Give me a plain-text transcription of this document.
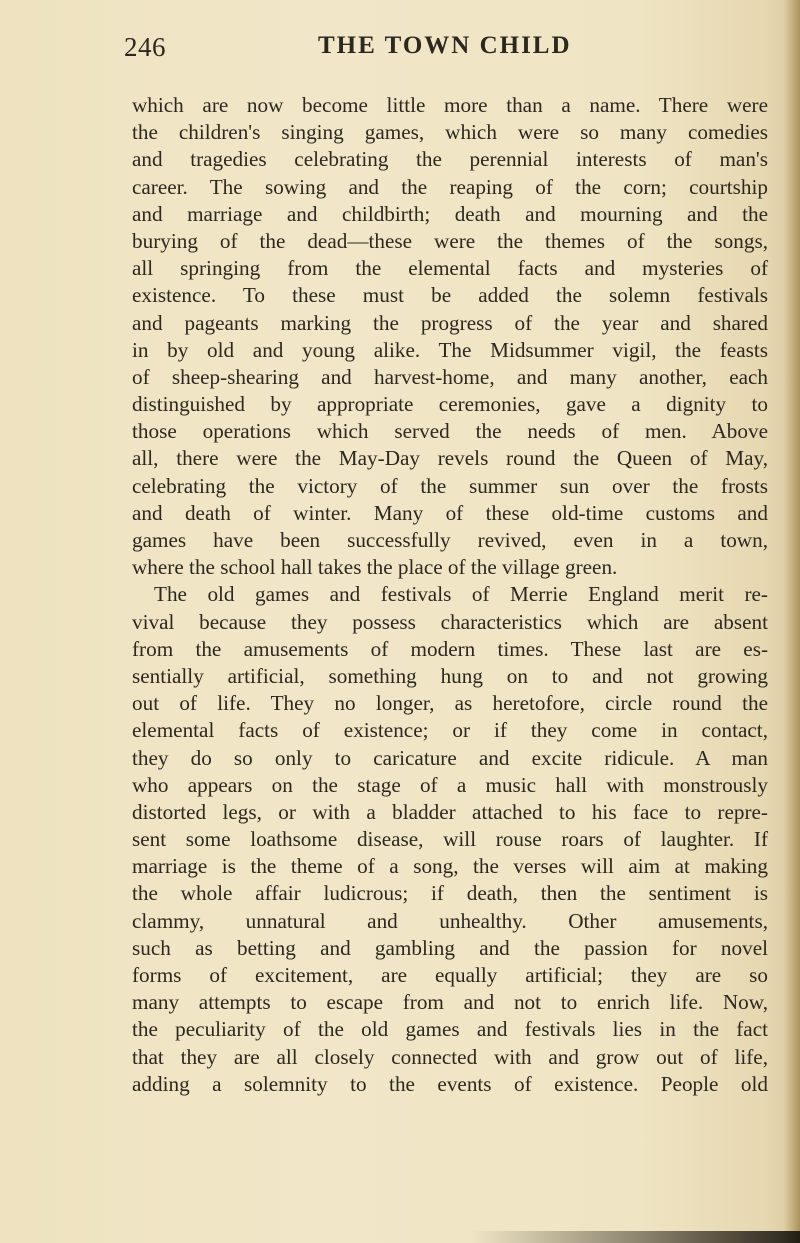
246	THE TOWN CHILD
which are now become little more than a name. There were
the children's singing games, which were so many comedies
and tragedies celebrating the perennial interests of man's
career. The sowing and the reaping of the corn; courtship
and marriage and childbirth; death and mourning and the
burying of the dead—these were the themes of the songs,
all springing from the elemental facts and mysteries of
existence. To these must be added the solemn festivals
and pageants marking the progress of the year and shared
in by old and young alike. The Midsummer vigil, the feasts
of sheep-shearing and harvest-home, and many another, each
distinguished by appropriate ceremonies, gave a dignity to
those operations which served the needs of men. Above
all, there were the May-Day revels round the Queen of May,
celebrating the victory of the summer sun over the frosts
and death of winter. Many of these old-time customs and
games have been successfully revived, even in a town,
where the school hall takes the place of the village green.
The old games and festivals of Merrie England merit re-
vival because they possess characteristics which are absent
from the amusements of modern times. These last are es-
sentially artificial, something hung on to and not growing
out of life. They no longer, as heretofore, circle round the
elemental facts of existence; or if they come in contact,
they do so only to caricature and excite ridicule. A man
who appears on the stage of a music hall with monstrously
distorted legs, or with a bladder attached to his face to repre-
sent some loathsome disease, will rouse roars of laughter. If
marriage is the theme of a song, the verses will aim at making
the whole affair ludicrous; if death, then the sentiment is
clammy, unnatural and unhealthy. Other amusements,
such as betting and gambling and the passion for novel
forms of excitement, are equally artificial; they are so
many attempts to escape from and not to enrich life. Now,
the peculiarity of the old games and festivals lies in the fact
that they are all closely connected with and grow out of life,
adding a solemnity to the events of existence. People old
